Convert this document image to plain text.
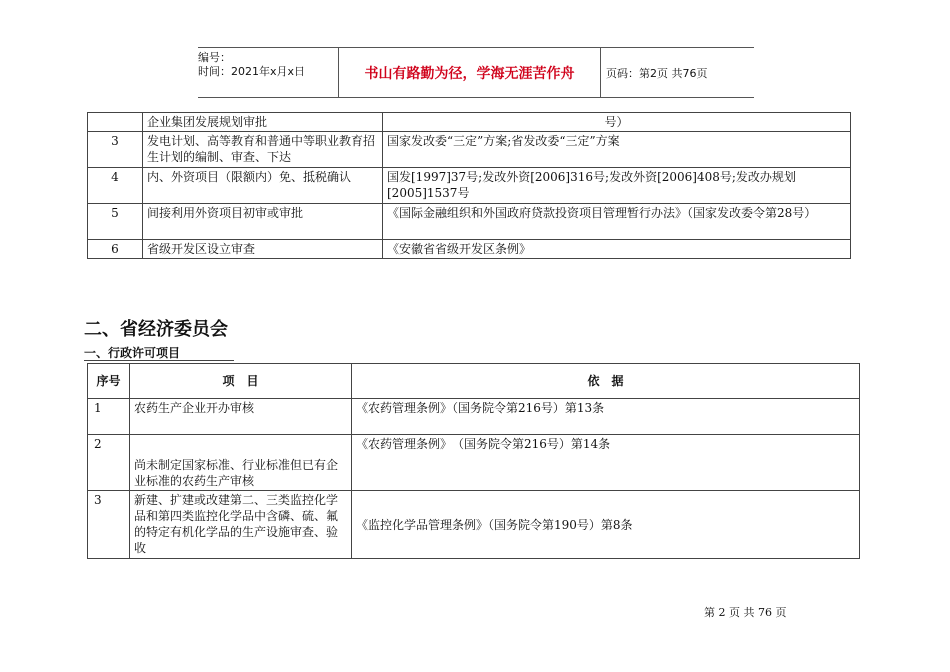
编号：
时间：2021年x月x日	书山有路勤为径，学海无涯苦作舟	页码：第2页 共76页
	企业集团发展规划审批	号）
3	发电计划、高等教育和普通中等职业教育招生计划的编制、审查、下达	国家发改委“三定”方案;省发改委“三定”方案
4	内、外资项目（限额内）免、抵税确认	国发[1997]37号;发改外资[2006]316号;发改外资[2006]408号;发改办规划[2005]1537号
5	间接利用外资项目初审或审批	《国际金融组织和外国政府贷款投资项目管理暂行办法》（国家发改委令第28号）
6	省级开发区设立审查	《安徽省省级开发区条例》
二、省经济委员会
一、行政许可项目
序号	项　目	依　据
1	农药生产企业开办审核	《农药管理条例》（国务院令第216号）第13条
2	尚未制定国家标准、行业标准但已有企业标准的农药生产审核	《农药管理条例》　（国务院令第216号）第14条
3	新建、扩建或改建第二、三类监控化学品和第四类监控化学品中含磷、硫、氟的特定有机化学品的生产设施审查、验收	《监控化学品管理条例》（国务院令第190号）第8条
第 2 页 共 76 页
